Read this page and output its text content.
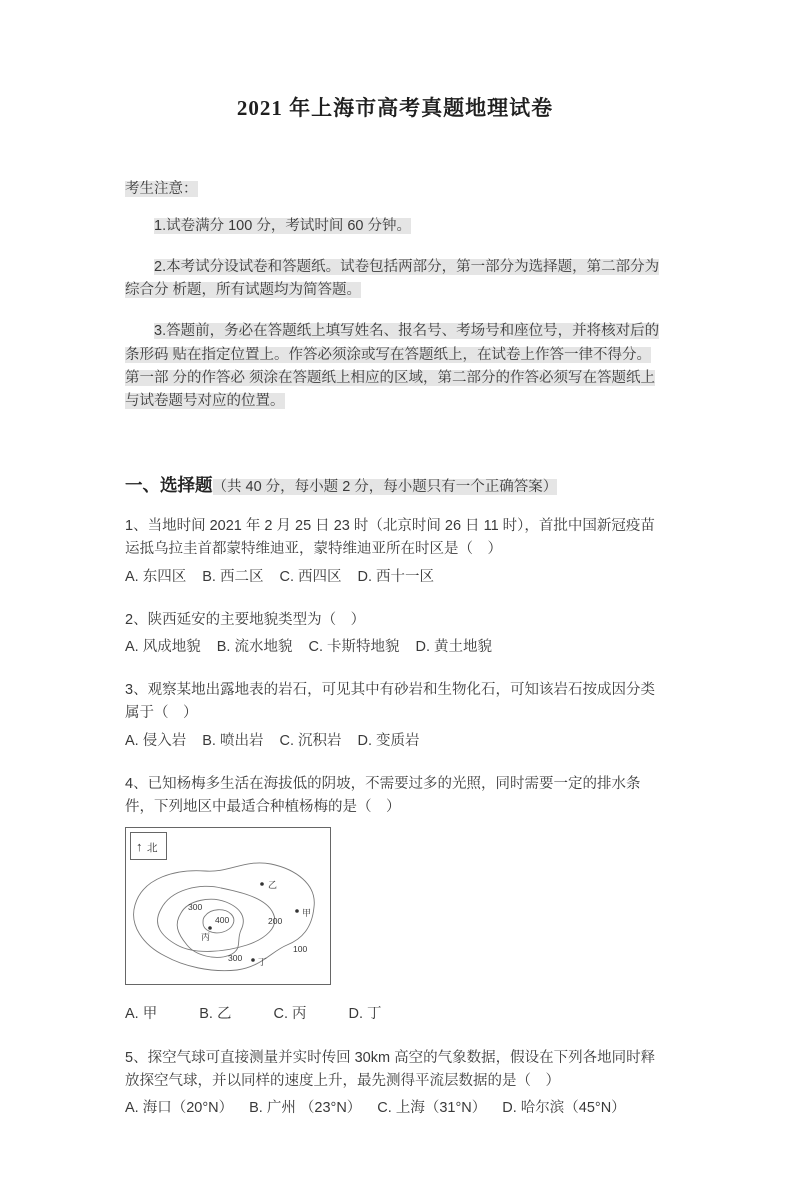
2021 年上海市高考真题地理试卷

考生注意：

1.试卷满分 100 分，考试时间 60 分钟。

2.本考试分设试卷和答题纸。试卷包括两部分，第一部分为选择题，第二部分为综合分 析题，所有试题均为简答题。

3.答题前，务必在答题纸上填写姓名、报名号、考场号和座位号，并将核对后的条形码 贴在指定位置上。作答必须涂或写在答题纸上，在试卷上作答一律不得分。第一部 分的作答必 须涂在答题纸上相应的区域，第二部分的作答必须写在答题纸上与试卷题号对应的位置。

一、选择题（共 40 分，每小题 2 分，每小题只有一个正确答案）

1、当地时间 2021 年 2 月 25 日 23 时（北京时间 26 日 11 时），首批中国新冠疫苗运抵乌拉圭首都蒙特维迪亚，蒙特维迪亚所在时区是（　）

A. 东四区 B. 西二区 C. 西四区 D. 西十一区

2、陕西延安的主要地貌类型为（　）

A. 风成地貌 B. 流水地貌 C. 卡斯特地貌 D. 黄土地貌

3、观察某地出露地表的岩石，可见其中有砂岩和生物化石，可知该岩石按成因分类属于（　）

A. 侵入岩 B. 喷出岩 C. 沉积岩 D. 变质岩

4、已知杨梅多生活在海拔低的阴坡，不需要过多的光照，同时需要一定的排水条件，下列地区中最适合种植杨梅的是（　）

↑ 北
300
400	200
100
300
乙
甲
丙
丁

A. 甲	B. 乙	C. 丙	D. 丁

5、探空气球可直接测量并实时传回 30km 高空的气象数据，假设在下列各地同时释放探空气球，并以同样的速度上升，最先测得平流层数据的是（　）

A. 海口（20°N） B. 广州 （23°N） C. 上海（31°N） D. 哈尔滨（45°N）
